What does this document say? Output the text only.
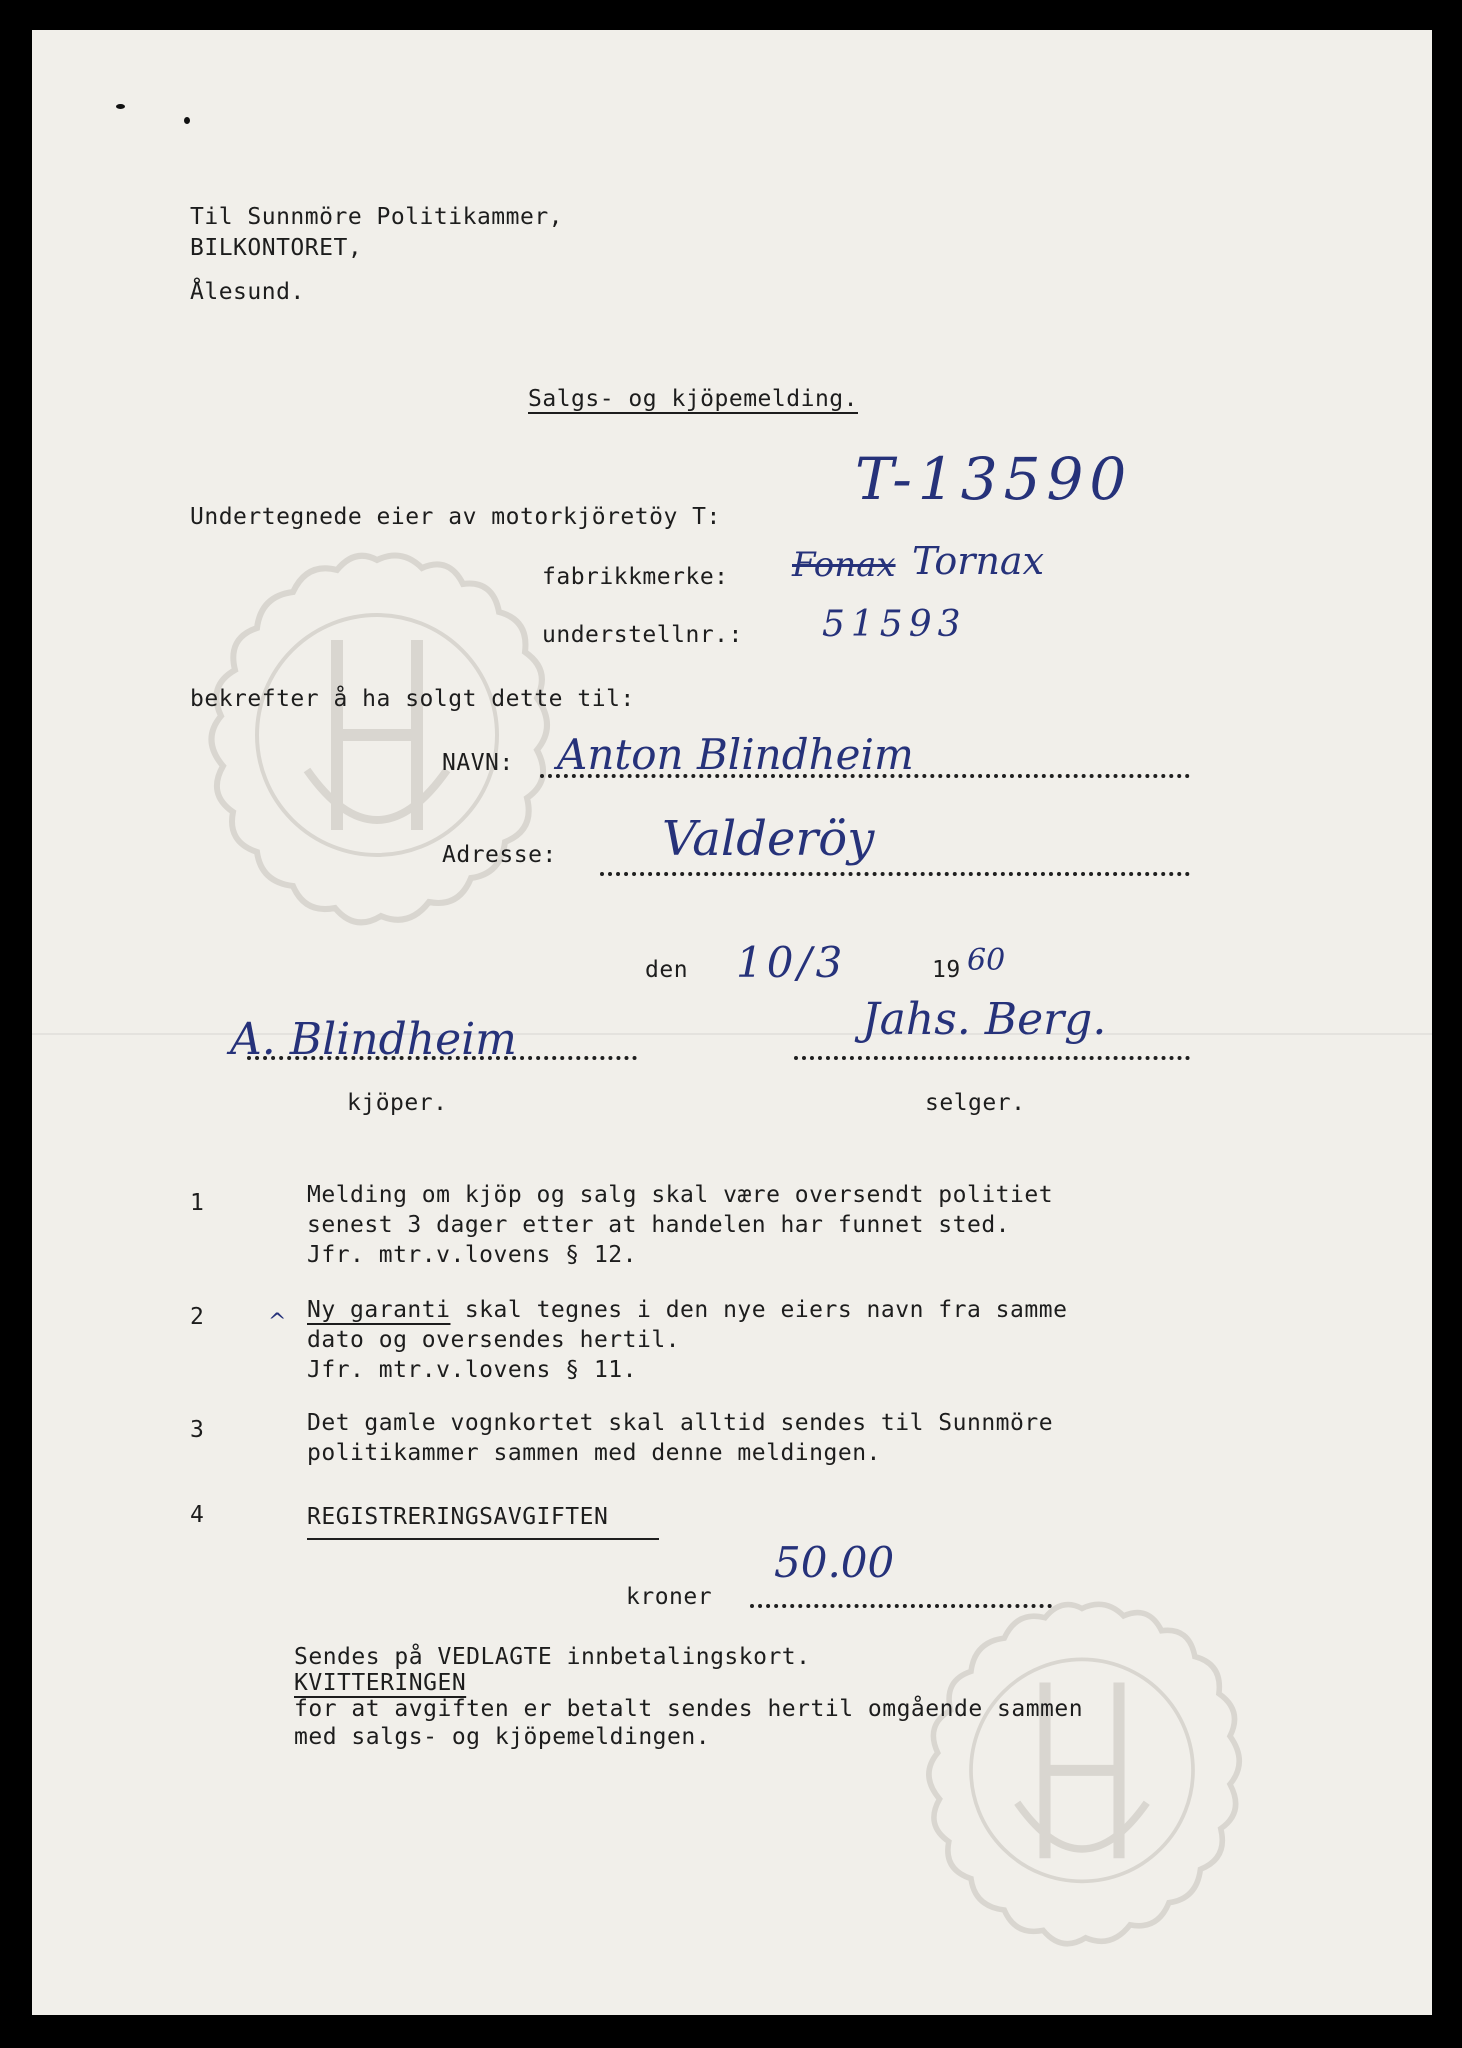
Til Sunnmöre Politikammer,
BILKONTORET,
Ålesund.
Salgs- og kjöpemelding.
Undertegnede eier av motorkjöretöy T:
T-13590
fabrikkmerke: Fonax Tornax
understellnr.: 51593
bekrefter å ha solgt dette til:
NAVN: Anton Blindheim
Adresse: Valderöy
den 10/3	19 60
A. Blindheim
kjöper.
Jahs. Berg.
selger.
1	Melding om kjöp og salg skal være oversendt politiet
senest 3 dager etter at handelen har funnet sted.
Jfr. mtr.v.lovens § 12.
2	^ Ny garanti skal tegnes i den nye eiers navn fra samme
dato og oversendes hertil.
Jfr. mtr.v.lovens § 11.
3	Det gamle vognkortet skal alltid sendes til Sunnmöre
politikammer sammen med denne meldingen.
4	REGISTRERINGSAVGIFTEN
kroner
50.00
Sendes på VEDLAGTE innbetalingskort.
KVITTERINGEN
for at avgiften er betalt sendes hertil omgående sammen
med salgs- og kjöpemeldingen.
